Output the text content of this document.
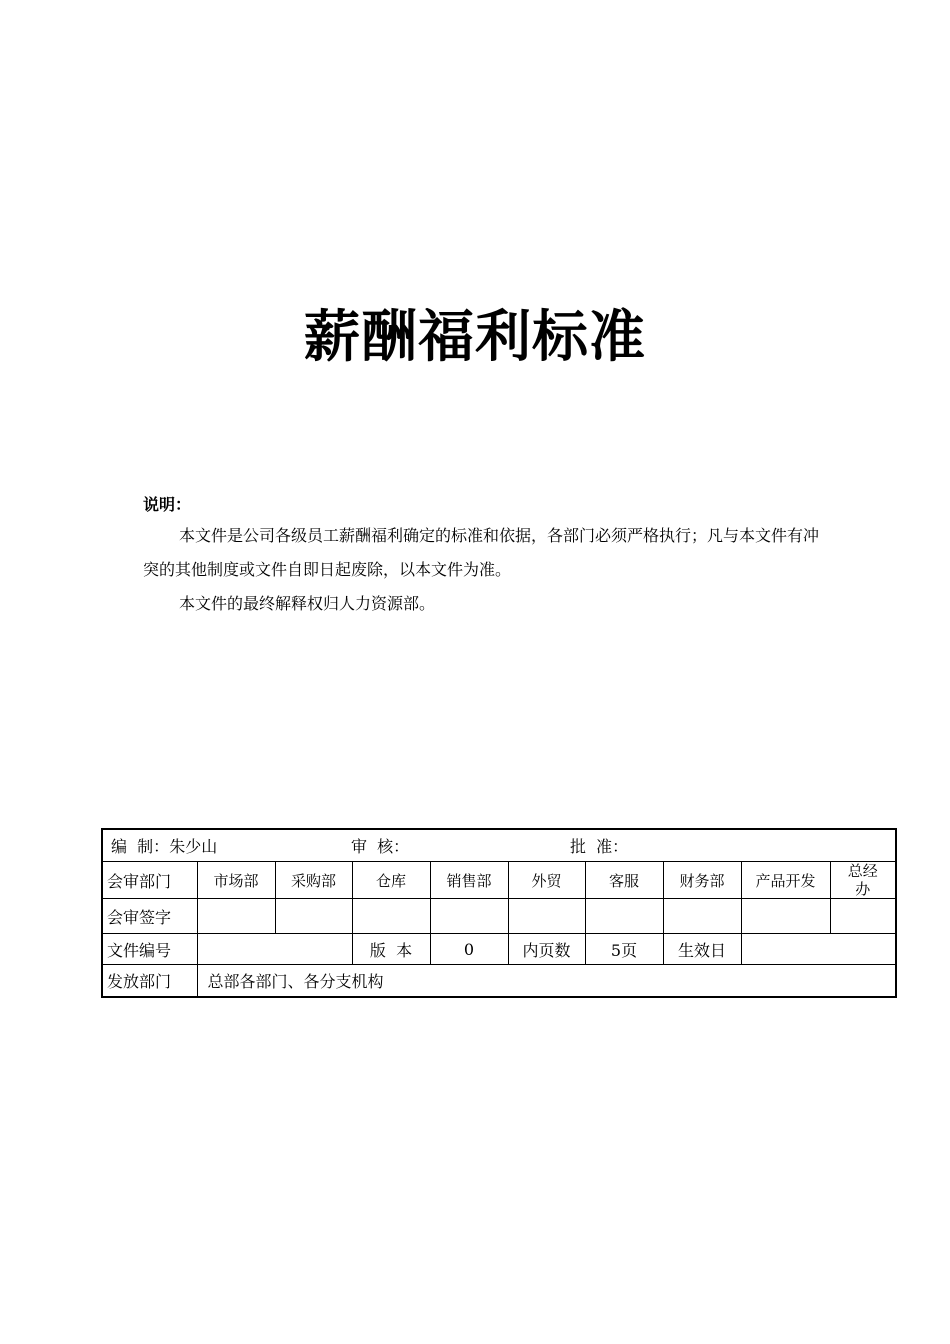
薪酬福利标准
说明：
本文件是公司各级员工薪酬福利确定的标准和依据，各部门必须严格执行；凡与本文件有冲突的其他制度或文件自即日起废除，以本文件为准。
本文件的最终解释权归人力资源部。
编  制：朱少山 审  核： 批  准：									

会审部门	市场部	采购部	仓库	销售部	外贸	客服	财务部	产品开发	总经办
会审签字									
文件编号			版  本	0	内页数	5页	生效日		
发放部门	总部各部门、各分支机构								
